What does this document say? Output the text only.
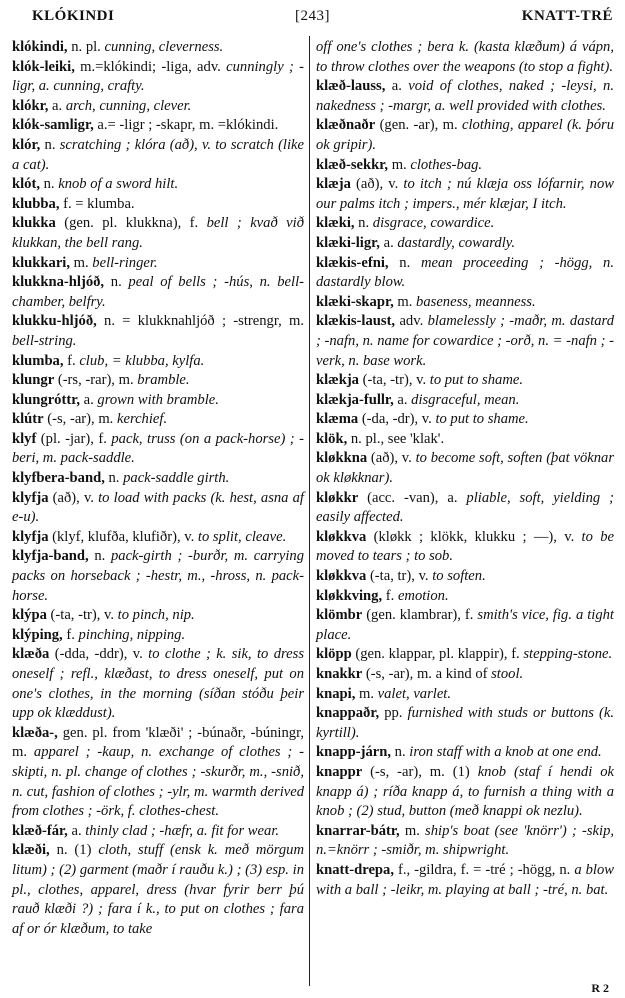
KLÓKINDI	[243]	KNATT-TRÉ

klókindi, n. pl. cunning, cleverness.

klók-leiki, m.=klókindi; -liga, adv. cunningly ; -ligr, a. cunning, crafty.

klókr, a. arch, cunning, clever.

klók-samligr, a.= -ligr ; -skapr, m. =klókindi.

klór, n. scratching ; klóra (að), v. to scratch (like a cat).

klót, n. knob of a sword hilt.

klubba, f. = klumba.

klukka (gen. pl. klukkna), f. bell ; kvað við klukkan, the bell rang.

klukkari, m. bell-ringer.

klukkna-hljóð, n. peal of bells ; -hús, n. bell-chamber, belfry.

klukku-hljóð, n. = klukknahljóð ; -strengr, m. bell-string.

klumba, f. club, = klubba, kylfa.

klungr (-rs, -rar), m. bramble.

klungróttr, a. grown with bramble.

klútr (-s, -ar), m. kerchief.

klyf (pl. -jar), f. pack, truss (on a pack-horse) ; -beri, m. pack-saddle.

klyfbera-band, n. pack-saddle girth.

klyfja (að), v. to load with packs (k. hest, asna af e-u).

klyfja (klyf, klufða, klufiðr), v. to split, cleave.

klyfja-band, n. pack-girth ; -burðr, m. carrying packs on horseback ; -hestr, m., -hross, n. pack-horse.

klýpa (-ta, -tr), v. to pinch, nip.

klýping, f. pinching, nipping.

klæða (-dda, -ddr), v. to clothe ; k. sik, to dress oneself ; refl., klæðast, to dress oneself, put on one's clothes, in the morning (síðan stóðu þeir upp ok klæddust).

klæða-, gen. pl. from 'klæði' ; -búnaðr, -búningr, m. apparel ; -kaup, n. exchange of clothes ; -skipti, n. pl. change of clothes ; -skurðr, m., -snið, n. cut, fashion of clothes ; -ylr, m. warmth derived from clothes ; -örk, f. clothes-chest.

klæð-fár, a. thinly clad ; -hæfr, a. fit for wear.

klæði, n. (1) cloth, stuff (ensk k. með mörgum litum) ; (2) garment (maðr í rauðu k.) ; (3) esp. in pl., clothes, apparel, dress (hvar fyrir berr þú rauð klæði ?) ; fara í k., to put on clothes ; fara af or ór klæðum, to take

off one's clothes ; bera k. (kasta klæðum) á vápn, to throw clothes over the weapons (to stop a fight).

klæð-lauss, a. void of clothes, naked ; -leysi, n. nakedness ; -margr, a. well provided with clothes.

klæðnaðr (gen. -ar), m. clothing, apparel (k. þóru ok gripir).

klæð-sekkr, m. clothes-bag.

klæja (að), v. to itch ; nú klæja oss lófarnir, now our palms itch ; impers., mér klæjar, I itch.

klæki, n. disgrace, cowardice.

klæki-ligr, a. dastardly, cowardly.

klækis-efni, n. mean proceeding ; -högg, n. dastardly blow.

klæki-skapr, m. baseness, meanness.

klækis-laust, adv. blamelessly ; -maðr, m. dastard ; -nafn, n. name for cowardice ; -orð, n. = -nafn ; -verk, n. base work.

klækja (-ta, -tr), v. to put to shame.

klækja-fullr, a. disgraceful, mean.

klæma (-da, -dr), v. to put to shame.

klök, n. pl., see 'klak'.

kløkkna (að), v. to become soft, soften (þat vöknar ok kløkknar).

kløkkr (acc. -van), a. pliable, soft, yielding ; easily affected.

kløkkva (kløkk ; klökk, klukku ; —), v. to be moved to tears ; to sob.

kløkkva (-ta, tr), v. to soften.

kløkkving, f. emotion.

klömbr (gen. klambrar), f. smith's vice, fig. a tight place.

klöpp (gen. klappar, pl. klappir), f. stepping-stone.

knakkr (-s, -ar), m. a kind of stool.

knapi, m. valet, varlet.

knappaðr, pp. furnished with studs or buttons (k. kyrtill).

knapp-járn, n. iron staff with a knob at one end.

knappr (-s, -ar), m. (1) knob (staf í hendi ok knapp á) ; ríða knapp á, to furnish a thing with a knob ; (2) stud, button (með knappi ok nezlu).

knarrar-bátr, m. ship's boat (see 'knörr') ; -skip, n.=knörr ; -smiðr, m. shipwright.

knatt-drepa, f., -gildra, f. = -tré ; -högg, n. a blow with a ball ; -leikr, m. playing at ball ; -tré, n. bat.

R 2
